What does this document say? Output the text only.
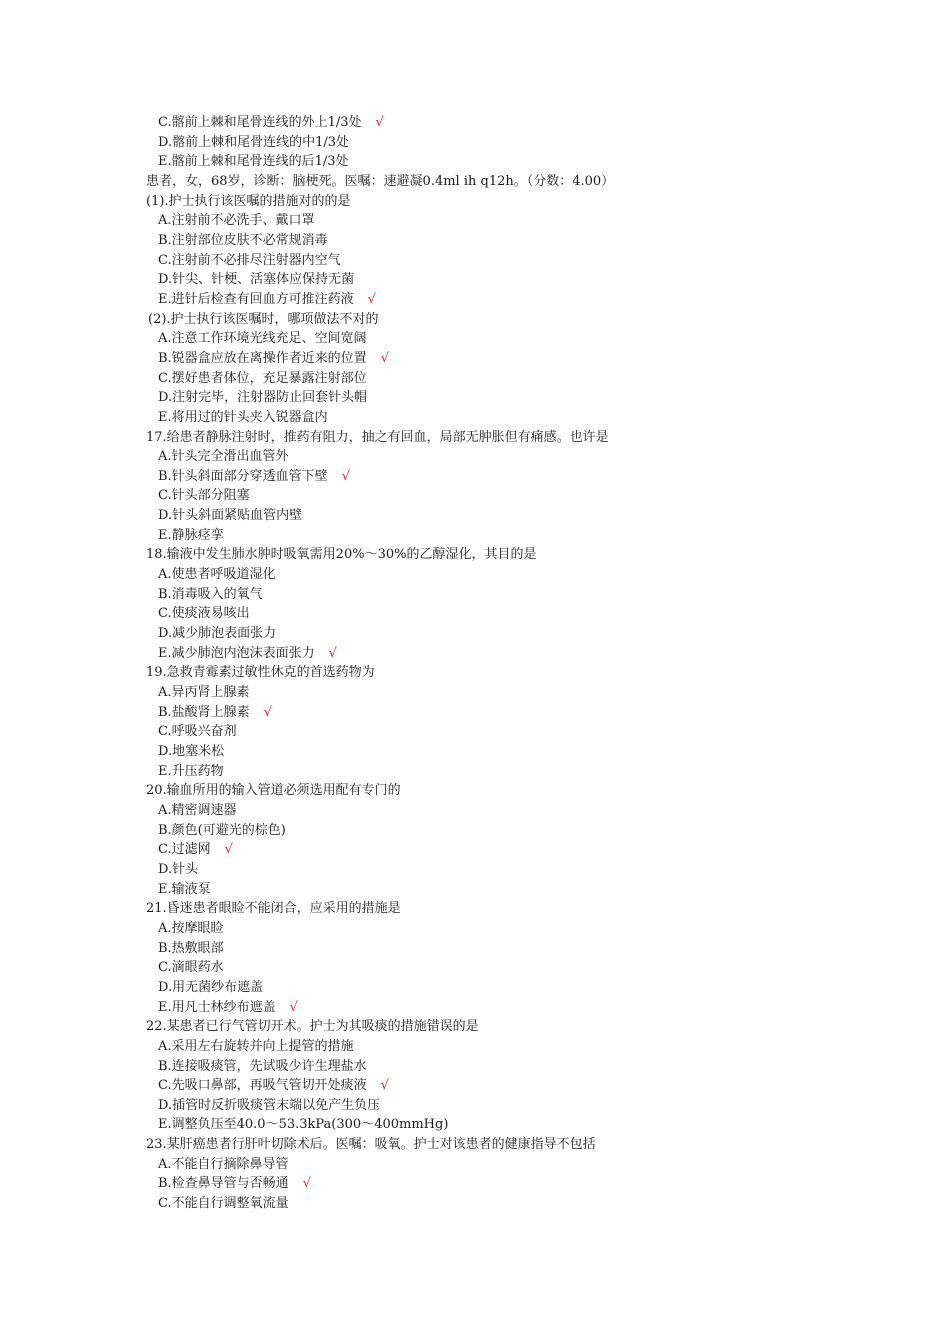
C.髂前上棘和尾骨连线的外上1/3处 √
D.髂前上棘和尾骨连线的中1/3处
E.髂前上棘和尾骨连线的后1/3处
患者，女，68岁，诊断：脑梗死。医嘱：速避凝0.4ml ih q12h。（分数：4.00）
(1).护士执行该医嘱的措施对的的是
A.注射前不必洗手、戴口罩
B.注射部位皮肤不必常规消毒
C.注射前不必排尽注射器内空气
D.针尖、针梗、活塞体应保持无菌
E.进针后检查有回血方可推注药液 √
(2).护士执行该医嘱时，哪项做法不对的
A.注意工作环境光线充足、空间宽阔
B.锐器盒应放在离操作者近来的位置 √
C.摆好患者体位，充足暴露注射部位
D.注射完毕，注射器防止回套针头帽
E.将用过的针头夹入锐器盒内
17.给患者静脉注射时，推药有阻力，抽之有回血，局部无肿胀但有痛感。也许是
A.针头完全滑出血管外
B.针头斜面部分穿透血管下壁 √
C.针头部分阻塞
D.针头斜面紧贴血管内壁
E.静脉痉挛
18.输液中发生肺水肿时吸氧需用20%～30%的乙醇湿化，其目的是
A.使患者呼吸道湿化
B.消毒吸入的氧气
C.使痰液易咳出
D.减少肺泡表面张力
E.减少肺泡内泡沫表面张力 √
19.急救青霉素过敏性休克的首选药物为
A.异丙肾上腺素
B.盐酸肾上腺素 √
C.呼吸兴奋剂
D.地塞米松
E.升压药物
20.输血所用的输入管道必须选用配有专门的
A.精密调速器
B.颜色(可避光的棕色)
C.过滤网 √
D.针头
E.输液泵
21.昏迷患者眼睑不能闭合，应采用的措施是
A.按摩眼睑
B.热敷眼部
C.滴眼药水
D.用无菌纱布遮盖
E.用凡士林纱布遮盖 √
22.某患者已行气管切开术。护士为其吸痰的措施错误的是
A.采用左右旋转并向上提管的措施
B.连接吸痰管，先试吸少许生理盐水
C.先吸口鼻部，再吸气管切开处痰液 √
D.插管时反折吸痰管末端以免产生负压
E.调整负压至40.0～53.3kPa(300～400mmHg)
23.某肝癌患者行肝叶切除术后。医嘱：吸氧。护士对该患者的健康指导不包括
A.不能自行摘除鼻导管
B.检查鼻导管与否畅通 √
C.不能自行调整氧流量
